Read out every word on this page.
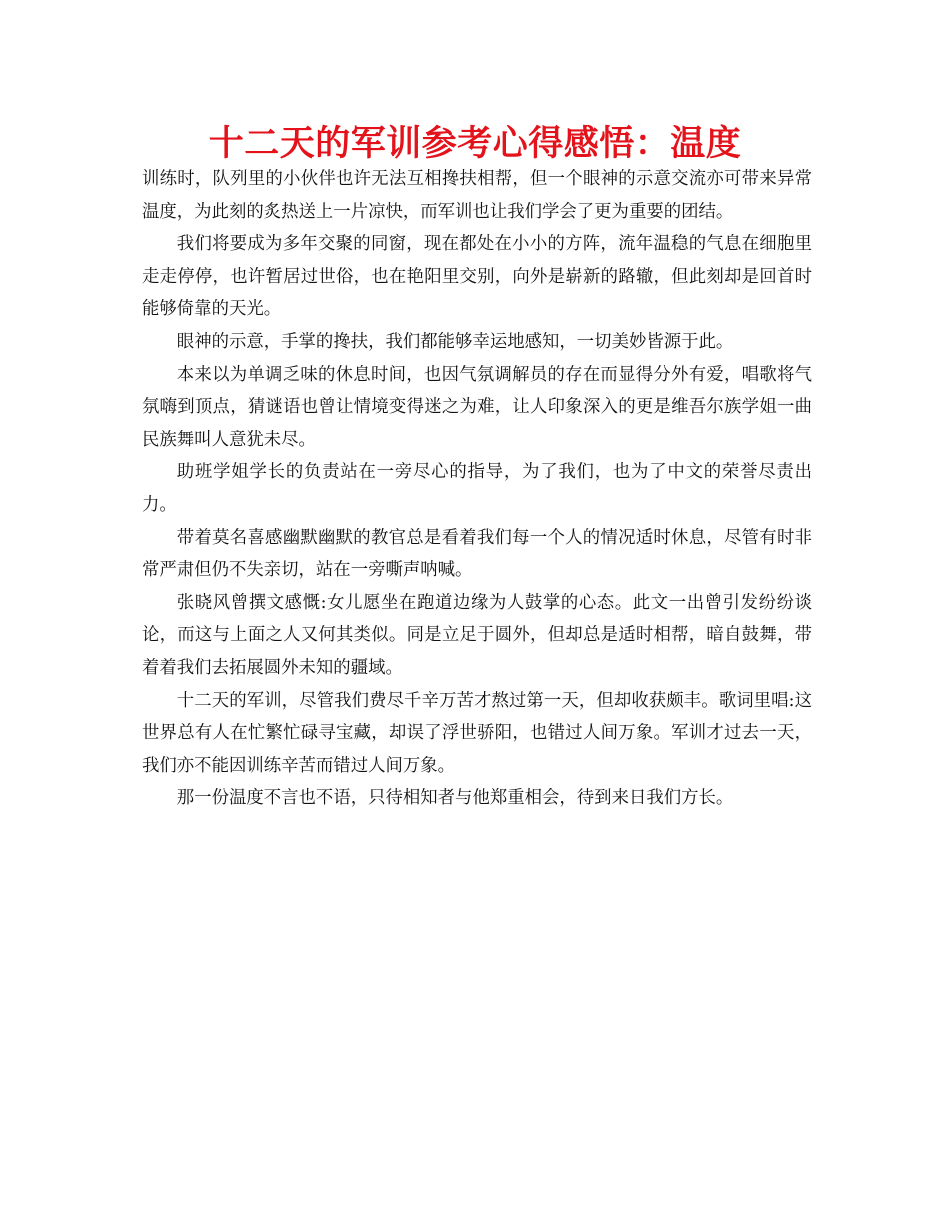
十二天的军训参考心得感悟：温度

训练时，队列里的小伙伴也许无法互相搀扶相帮，但一个眼神的示意交流亦可带来异常温度，为此刻的炙热送上一片凉快，而军训也让我们学会了更为重要的团结。

我们将要成为多年交聚的同窗，现在都处在小小的方阵，流年温稳的气息在细胞里走走停停，也许暂居过世俗，也在艳阳里交别，向外是崭新的路辙，但此刻却是回首时能够倚靠的天光。

眼神的示意，手掌的搀扶，我们都能够幸运地感知，一切美妙皆源于此。

本来以为单调乏味的休息时间，也因气氛调解员的存在而显得分外有爱，唱歌将气氛嗨到顶点，猜谜语也曾让情境变得迷之为难，让人印象深入的更是维吾尔族学姐一曲民族舞叫人意犹未尽。

助班学姐学长的负责站在一旁尽心的指导，为了我们，也为了中文的荣誉尽责出力。

带着莫名喜感幽默幽默的教官总是看着我们每一个人的情况适时休息，尽管有时非常严肃但仍不失亲切，站在一旁嘶声呐喊。

张晓风曾撰文感慨:女儿愿坐在跑道边缘为人鼓掌的心态。此文一出曾引发纷纷谈论，而这与上面之人又何其类似。同是立足于圆外，但却总是适时相帮，暗自鼓舞，带着着我们去拓展圆外未知的疆域。

十二天的军训，尽管我们费尽千辛万苦才熬过第一天，但却收获颇丰。歌词里唱:这世界总有人在忙繁忙碌寻宝藏，却误了浮世骄阳，也错过人间万象。军训才过去一天，我们亦不能因训练辛苦而错过人间万象。

那一份温度不言也不语，只待相知者与他郑重相会，待到来日我们方长。
